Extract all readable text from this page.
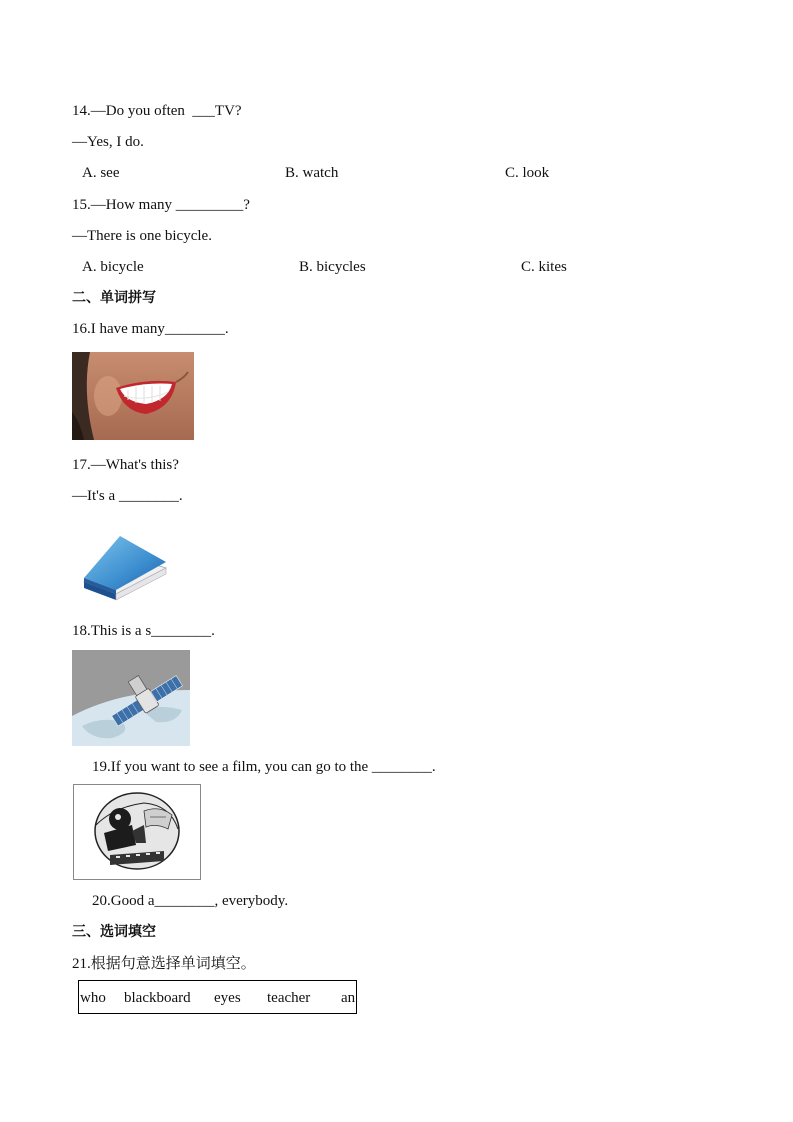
14.—Do you often  ___TV?
—Yes, I do.
A. see	B. watch	C. look
15.—How many _________?
—There is one bicycle.
A. bicycle	B. bicycles	C. kites
二、单词拼写
16.I have many________.
17.—What's this?
—It's a ________.
18.This is a s________.
19.If you want to see a film, you can go to the ________.
20.Good a________, everybody.
三、选词填空
21.根据句意选择单词填空。
who blackboard eyes teacher an
